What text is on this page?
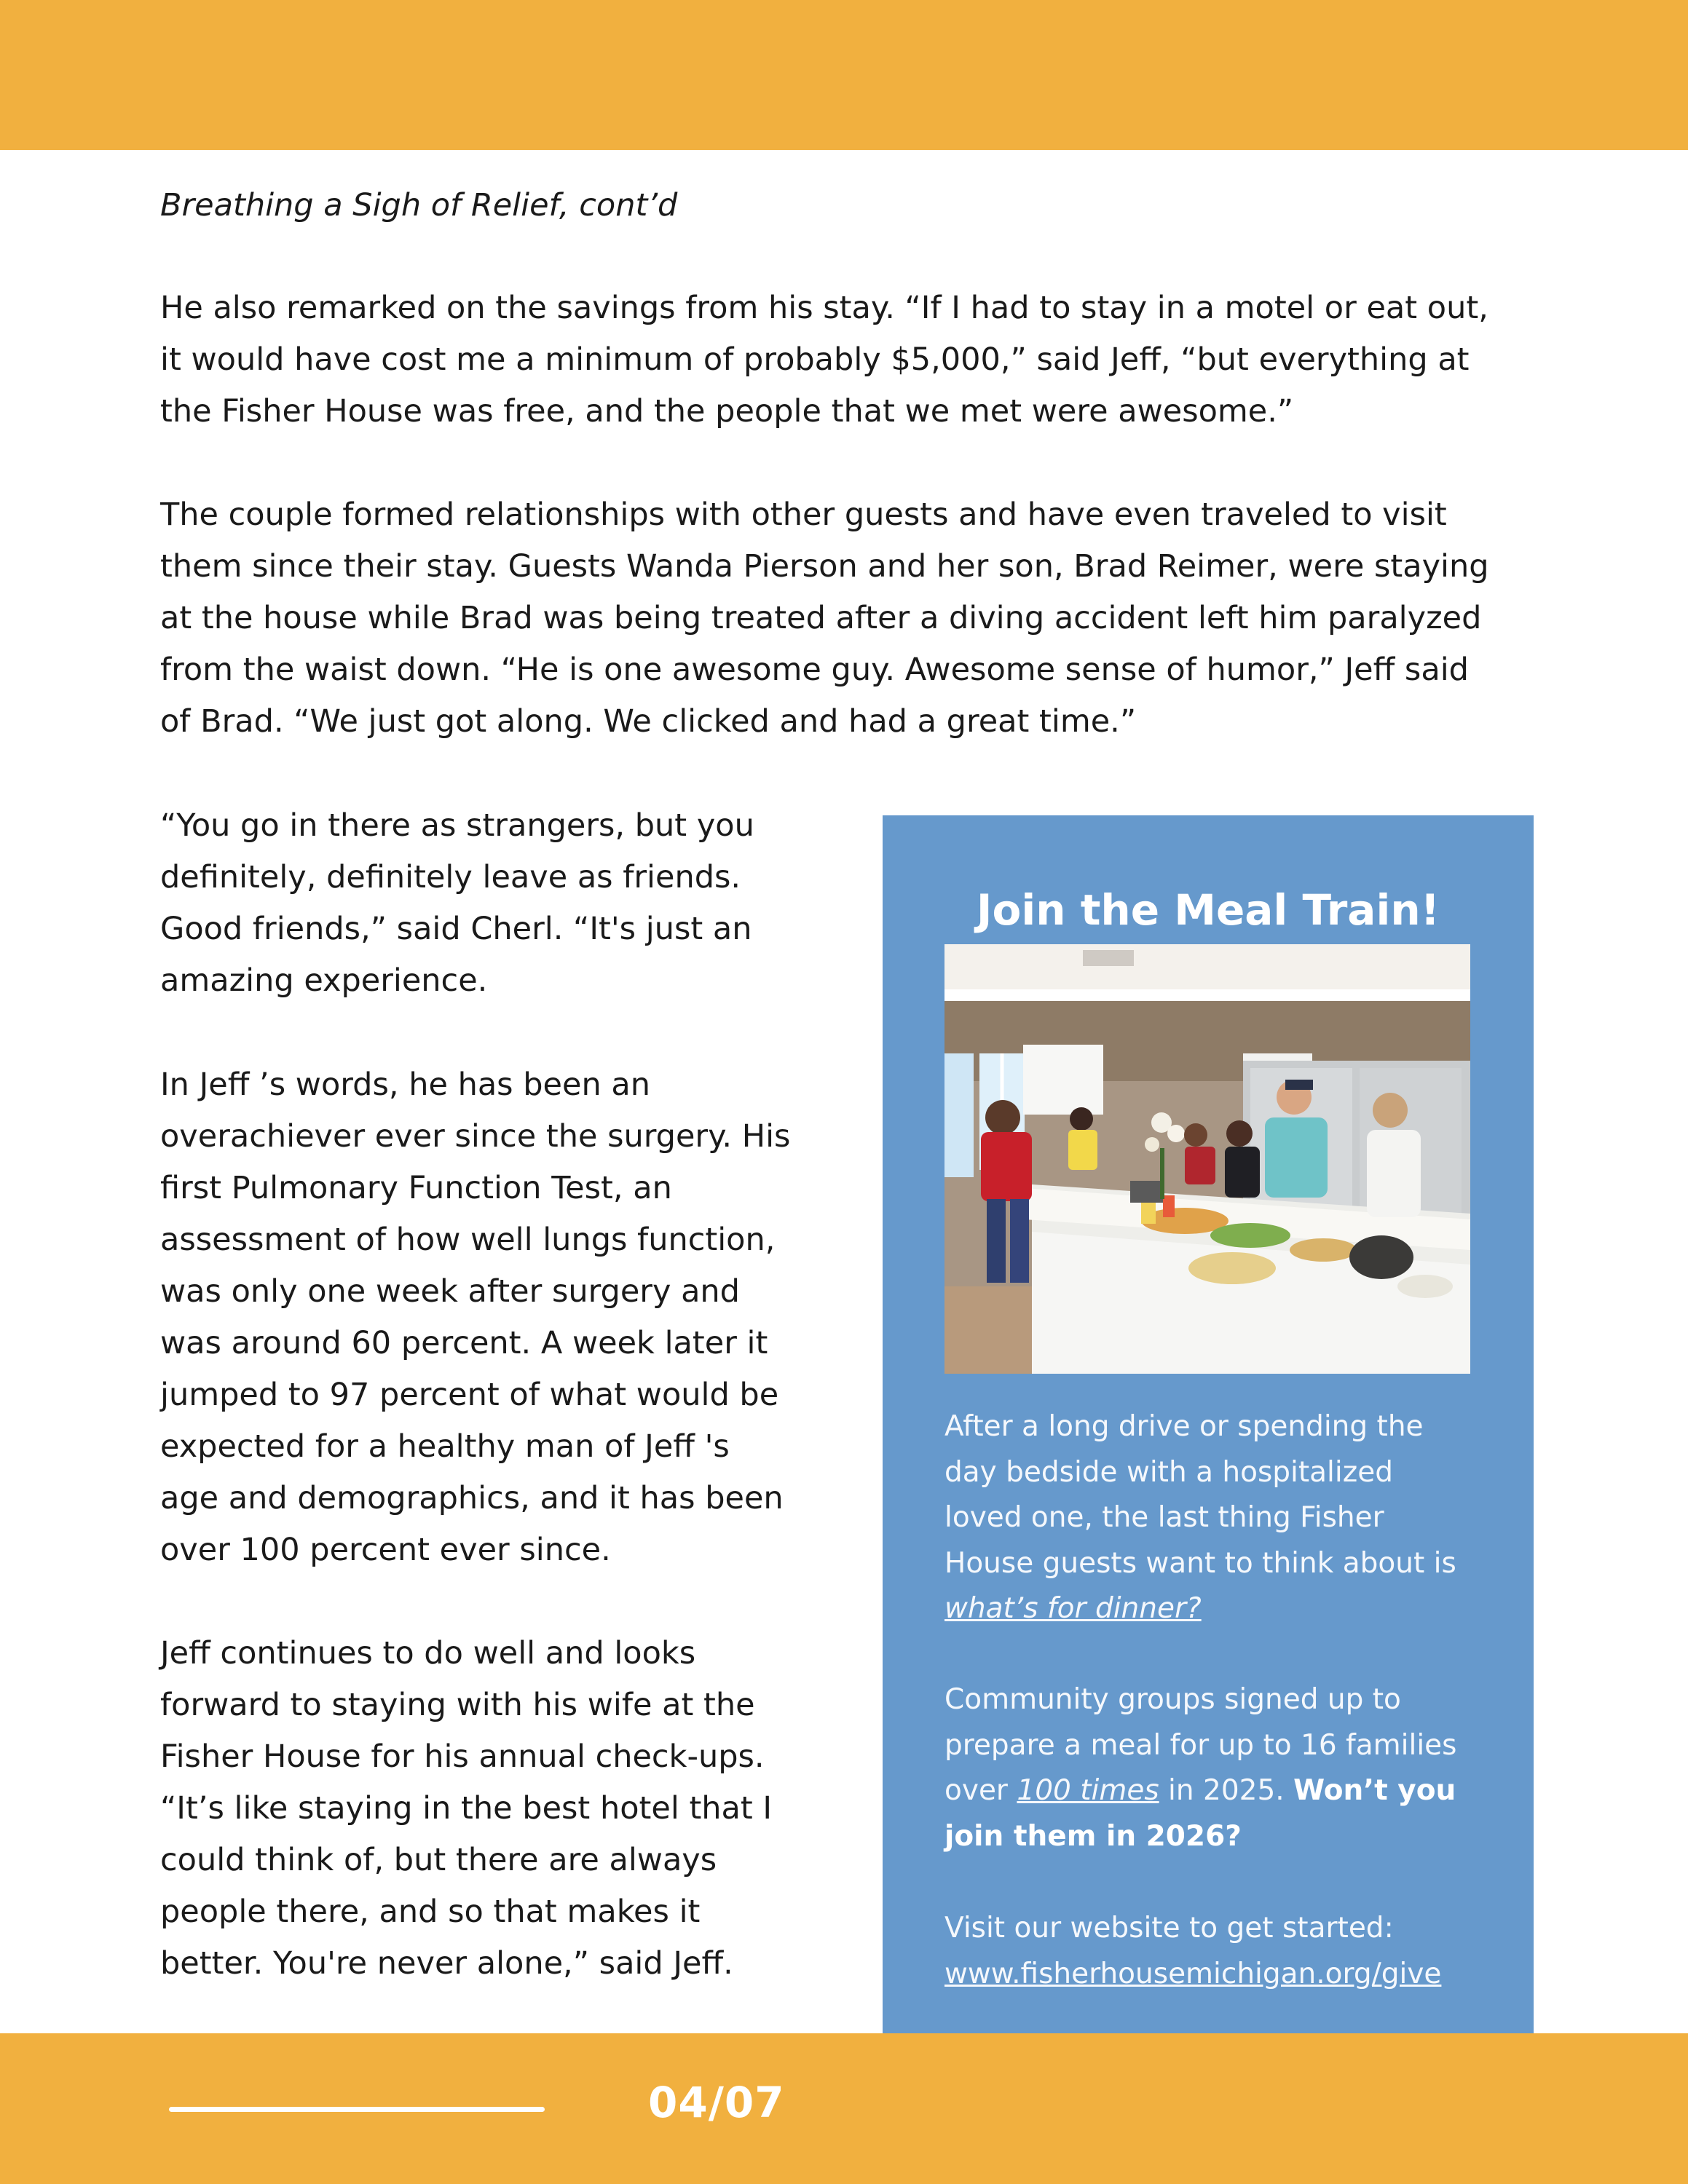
Breathing a Sigh of Relief, cont’d

He also remarked on the savings from his stay. “If I had to stay in a motel or eat out,
it would have cost me a minimum of probably $5,000,” said Jeff, “but everything at
the Fisher House was free, and the people that we met were awesome.”

The couple formed relationships with other guests and have even traveled to visit
them since their stay. Guests Wanda Pierson and her son, Brad Reimer, were staying
at the house while Brad was being treated after a diving accident left him paralyzed
from the waist down. “He is one awesome guy. Awesome sense of humor,” Jeff said
of Brad. “We just got along. We clicked and had a great time.”

“You go in there as strangers, but you
definitely, definitely leave as friends.
Good friends,” said Cherl. “It's just an
amazing experience.

In Jeff ’s words, he has been an
overachiever ever since the surgery. His
first Pulmonary Function Test, an
assessment of how well lungs function,
was only one week after surgery and
was around 60 percent. A week later it
jumped to 97 percent of what would be
expected for a healthy man of Jeff 's
age and demographics, and it has been
over 100 percent ever since.

Jeff continues to do well and looks
forward to staying with his wife at the
Fisher House for his annual check-ups.
“It’s like staying in the best hotel that I
could think of, but there are always
people there, and so that makes it
better. You're never alone,” said Jeff.

Join the Meal Train!

After a long drive or spending the
day bedside with a hospitalized
loved one, the last thing Fisher
House guests want to think about is
what’s for dinner?

Community groups signed up to
prepare a meal for up to 16 families
over 100 times in 2025. Won’t you
join them in 2026?

Visit our website to get started:
www.fisherhousemichigan.org/give

04/07
